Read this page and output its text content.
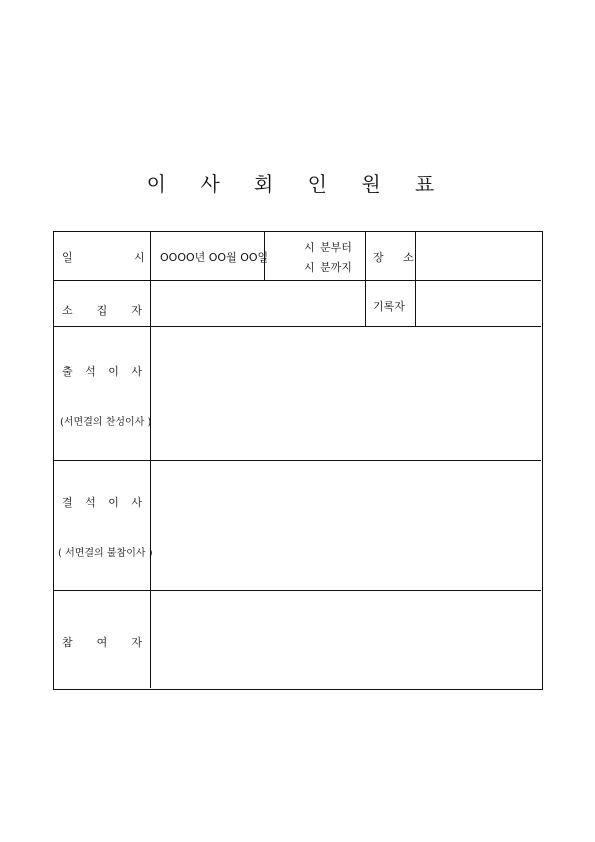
이 사 회 인 원 표
일	시 OOOO년 OO월 OO일
시 분부터
시 분까지
장 소
소 집 자	기록자
출 석 이 사
(서면결의 찬성이사 )
결 석 이 사
( 서면결의 불참이사 )
참 여 자
